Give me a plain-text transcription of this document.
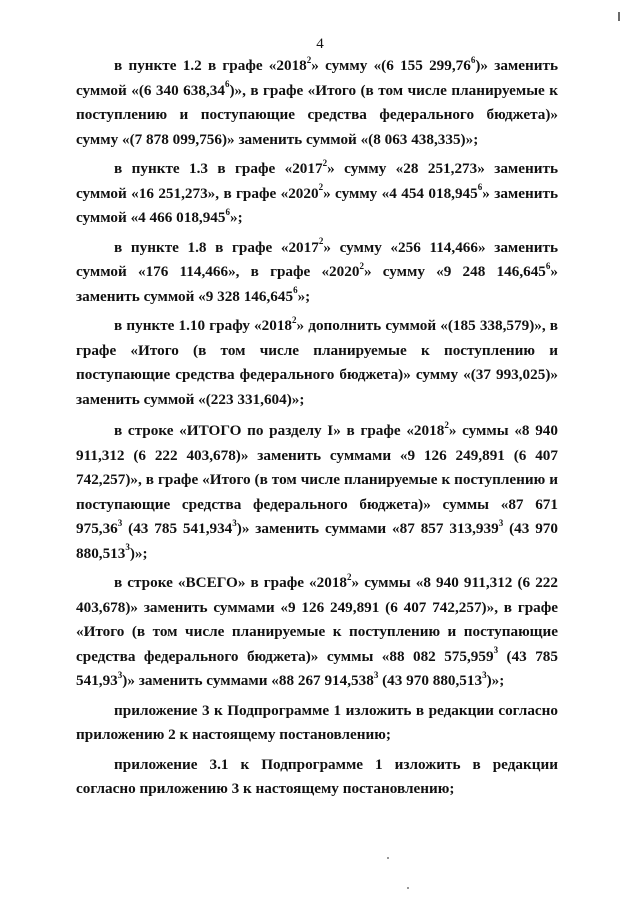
4

в пункте 1.2 в графе «2018$^2$» сумму «(6 155 299,76$^6$)» заменить суммой «(6 340 638,34$^6$)», в графе «Итого (в том числе планируемые к поступлению и поступающие средства федерального бюджета)» сумму «(7 878 099,756)» заменить суммой «(8 063 438,335)»;

в пункте 1.3 в графе «2017$^2$» сумму «28 251,273» заменить суммой «16 251,273», в графе «2020$^2$» сумму «4 454 018,945$^6$» заменить суммой «4 466 018,945$^6$»;

в пункте 1.8 в графе «2017$^2$» сумму «256 114,466» заменить суммой «176 114,466», в графе «2020$^2$» сумму «9 248 146,645$^6$» заменить суммой «9 328 146,645$^6$»;

в пункте 1.10 графу «2018$^2$» дополнить суммой «(185 338,579)», в графе «Итого (в том числе планируемые к поступлению и поступающие средства федерального бюджета)» сумму «(37 993,025)» заменить суммой «(223 331,604)»;

в строке «ИТОГО по разделу I» в графе «2018$^2$» суммы «8 940 911,312 (6 222 403,678)» заменить суммами «9 126 249,891 (6 407 742,257)», в графе «Итого (в том числе планируемые к поступлению и поступающие средства федерального бюджета)» суммы «87 671 975,36$^3$ (43 785 541,934$^3$)» заменить суммами «87 857 313,939$^3$ (43 970 880,513$^3$)»;

в строке «ВСЕГО» в графе «2018$^2$» суммы «8 940 911,312 (6 222 403,678)» заменить суммами «9 126 249,891 (6 407 742,257)», в графе «Итого (в том числе планируемые к поступлению и поступающие средства федерального бюджета)» суммы «88 082 575,959$^3$ (43 785 541,93$^3$)» заменить суммами «88 267 914,538$^3$ (43 970 880,513$^3$)»;

приложение 3 к Подпрограмме 1 изложить в редакции согласно приложению 2 к настоящему постановлению;

приложение 3.1 к Подпрограмме 1 изложить в редакции согласно приложению 3 к настоящему постановлению;
